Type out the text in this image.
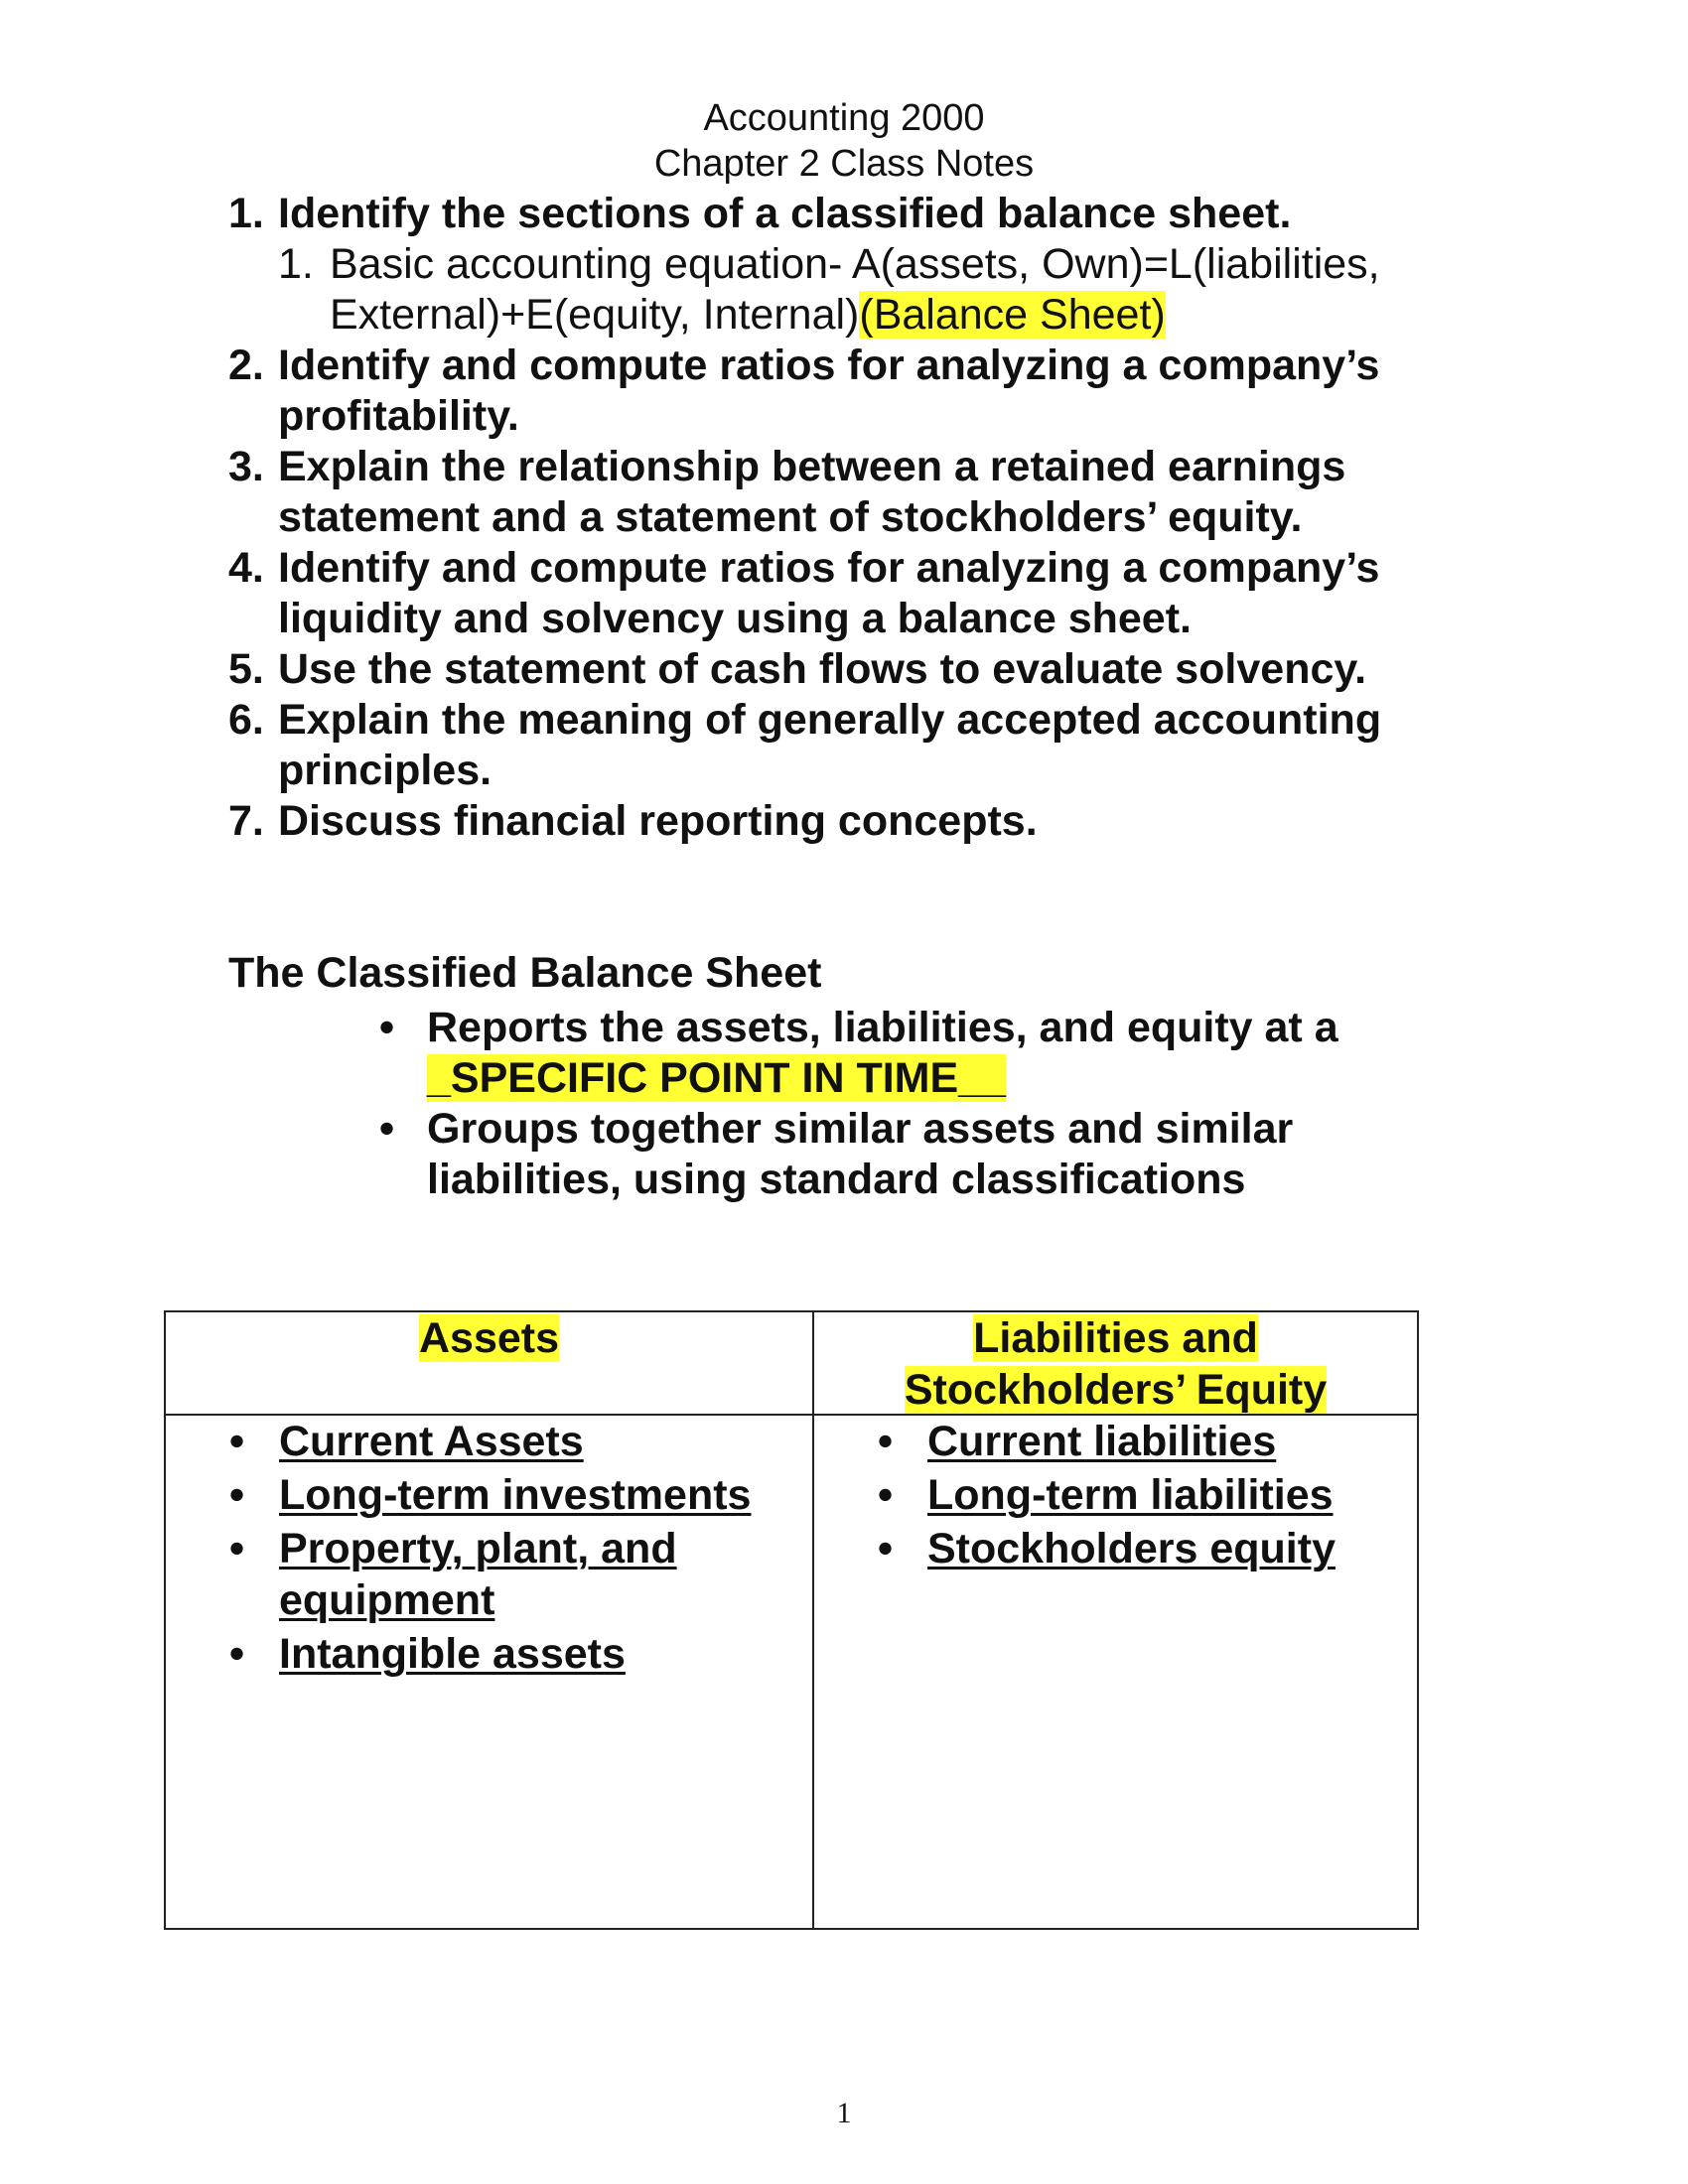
Accounting 2000
Chapter 2 Class Notes
1. Identify the sections of a classified balance sheet.
1. Basic accounting equation- A(assets, Own)=L(liabilities, External)+E(equity, Internal)(Balance Sheet)
2. Identify and compute ratios for analyzing a company’s profitability.
3. Explain the relationship between a retained earnings statement and a statement of stockholders’ equity.
4. Identify and compute ratios for analyzing a company’s liquidity and solvency using a balance sheet.
5. Use the statement of cash flows to evaluate solvency.
6. Explain the meaning of generally accepted accounting principles.
7. Discuss financial reporting concepts.
The Classified Balance Sheet
• Reports the assets, liabilities, and equity at a
_SPECIFIC POINT IN TIME__
• Groups together similar assets and similar liabilities, using standard classifications
Assets	Liabilities and
Stockholders’ Equity
• Current Assets
• Long-term investments
• Property, plant, and equipment
• Intangible assets
• Current liabilities
• Long-term liabilities
• Stockholders equity
1
